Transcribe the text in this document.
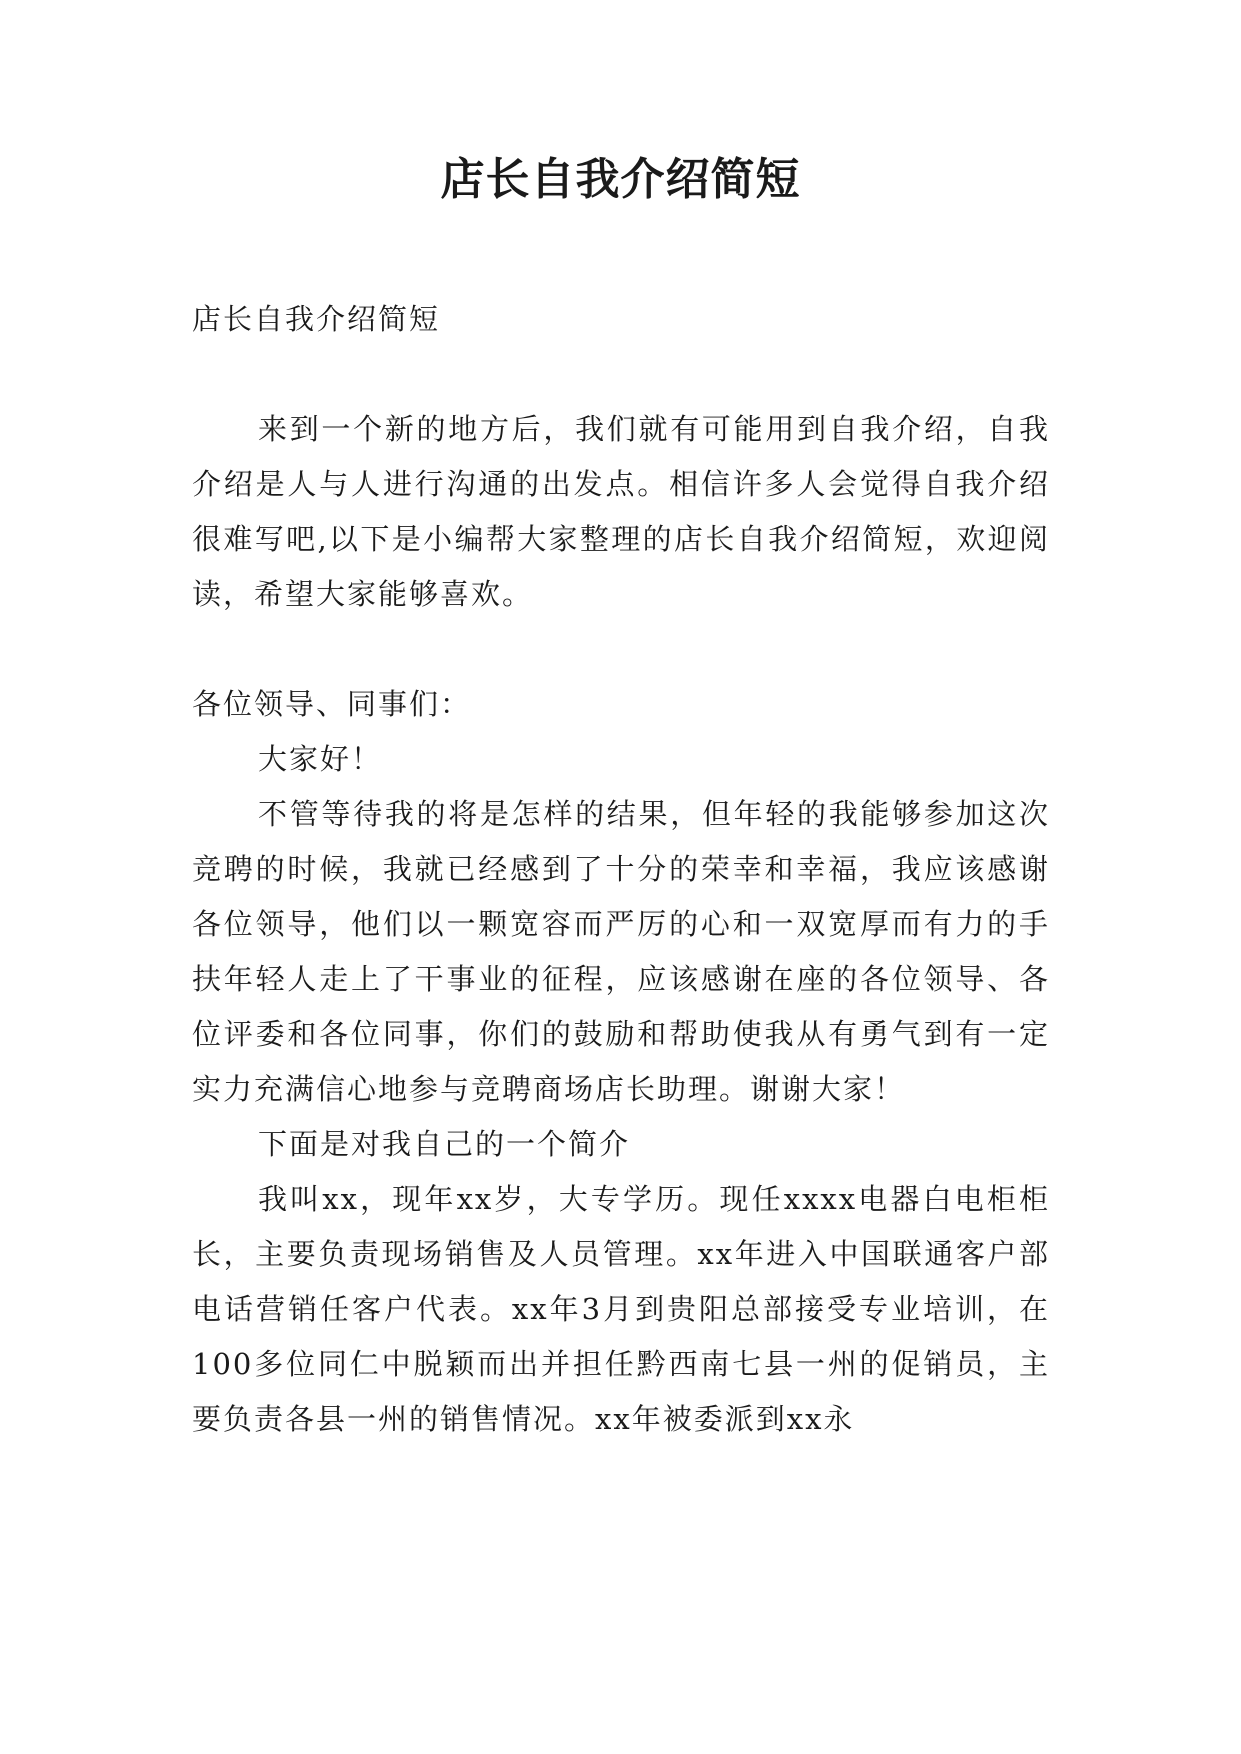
店长自我介绍简短

店长自我介绍简短

来到一个新的地方后，我们就有可能用到自我介绍，自我介绍是人与人进行沟通的出发点。相信许多人会觉得自我介绍很难写吧,以下是小编帮大家整理的店长自我介绍简短，欢迎阅读，希望大家能够喜欢。

各位领导、同事们：

大家好！

不管等待我的将是怎样的结果，但年轻的我能够参加这次竞聘的时候，我就已经感到了十分的荣幸和幸福，我应该感谢各位领导，他们以一颗宽容而严厉的心和一双宽厚而有力的手扶年轻人走上了干事业的征程，应该感谢在座的各位领导、各位评委和各位同事，你们的鼓励和帮助使我从有勇气到有一定实力充满信心地参与竞聘商场店长助理。谢谢大家！

下面是对我自己的一个简介

我叫xx，现年xx岁，大专学历。现任xxxx电器白电柜柜长，主要负责现场销售及人员管理。xx年进入中国联通客户部电话营销任客户代表。xx年3月到贵阳总部接受专业培训，在100多位同仁中脱颖而出并担任黔西南七县一州的促销员，主要负责各县一州的销售情况。xx年被委派到xx永
